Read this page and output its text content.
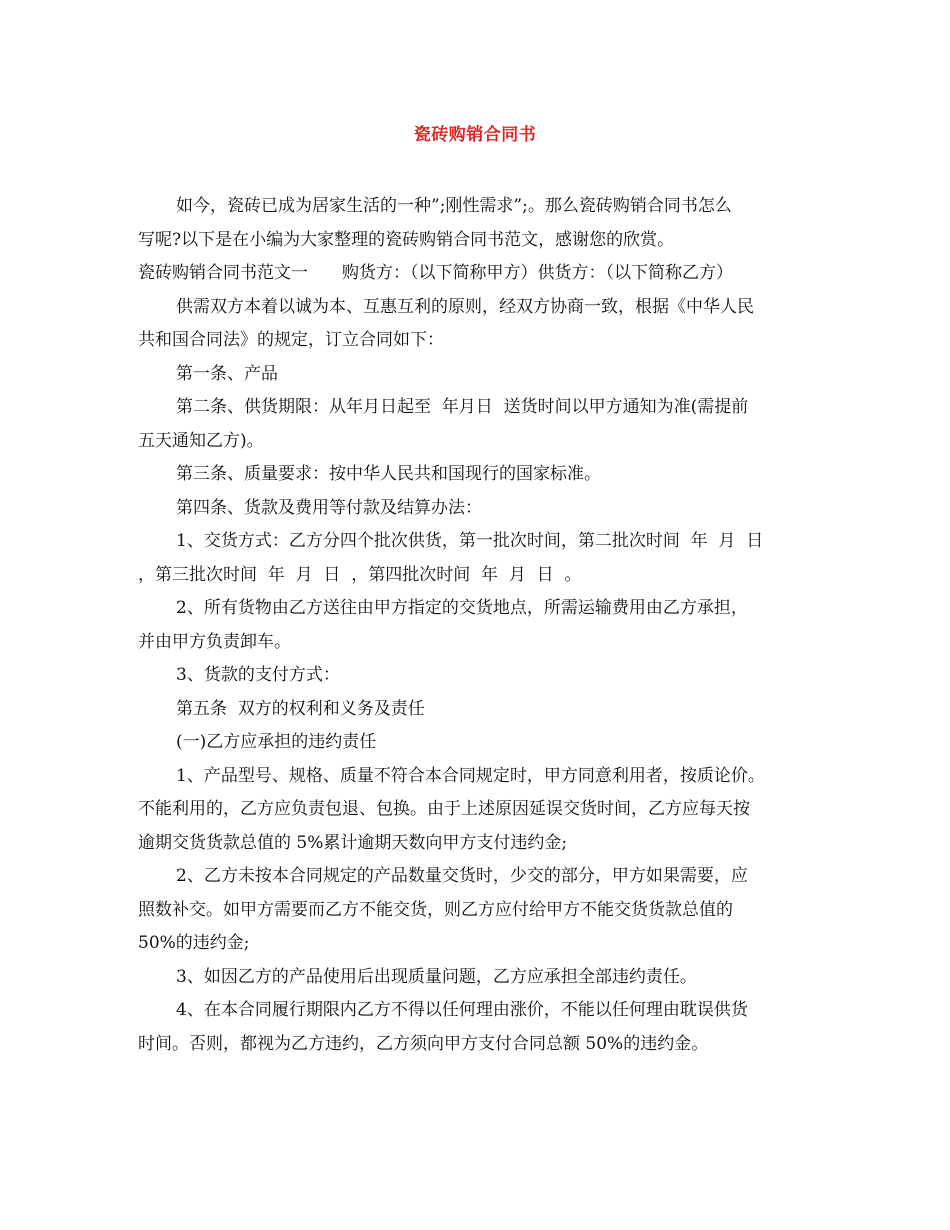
瓷砖购销合同书
如今，瓷砖已成为居家生活的一种”;刚性需求”;。那么瓷砖购销合同书怎么
写呢?以下是在小编为大家整理的瓷砖购销合同书范文，感谢您的欣赏。
瓷砖购销合同书范文一　　购货方：（以下简称甲方）供货方：（以下简称乙方）
供需双方本着以诚为本、互惠互利的原则，经双方协商一致，根据《中华人民
共和国合同法》的规定，订立合同如下：
第一条、产品
第二条、供货期限：从年月日起至  年月日  送货时间以甲方通知为准(需提前
五天通知乙方)。
第三条、质量要求：按中华人民共和国现行的国家标准。
第四条、货款及费用等付款及结算办法：
1、交货方式：乙方分四个批次供货，第一批次时间，第二批次时间  年  月  日
，第三批次时间  年  月  日  ，第四批次时间  年  月  日  。
2、所有货物由乙方送往由甲方指定的交货地点，所需运输费用由乙方承担，
并由甲方负责卸车。
3、货款的支付方式：
第五条  双方的权利和义务及责任
(一)乙方应承担的违约责任
1、产品型号、规格、质量不符合本合同规定时，甲方同意利用者，按质论价。
不能利用的，乙方应负责包退、包换。由于上述原因延误交货时间，乙方应每天按
逾期交货货款总值的 5%累计逾期天数向甲方支付违约金;
2、乙方未按本合同规定的产品数量交货时，少交的部分，甲方如果需要，应
照数补交。如甲方需要而乙方不能交货，则乙方应付给甲方不能交货货款总值的
50%的违约金;
3、如因乙方的产品使用后出现质量问题，乙方应承担全部违约责任。
4、在本合同履行期限内乙方不得以任何理由涨价，不能以任何理由耽误供货
时间。否则，都视为乙方违约，乙方须向甲方支付合同总额 50%的违约金。
